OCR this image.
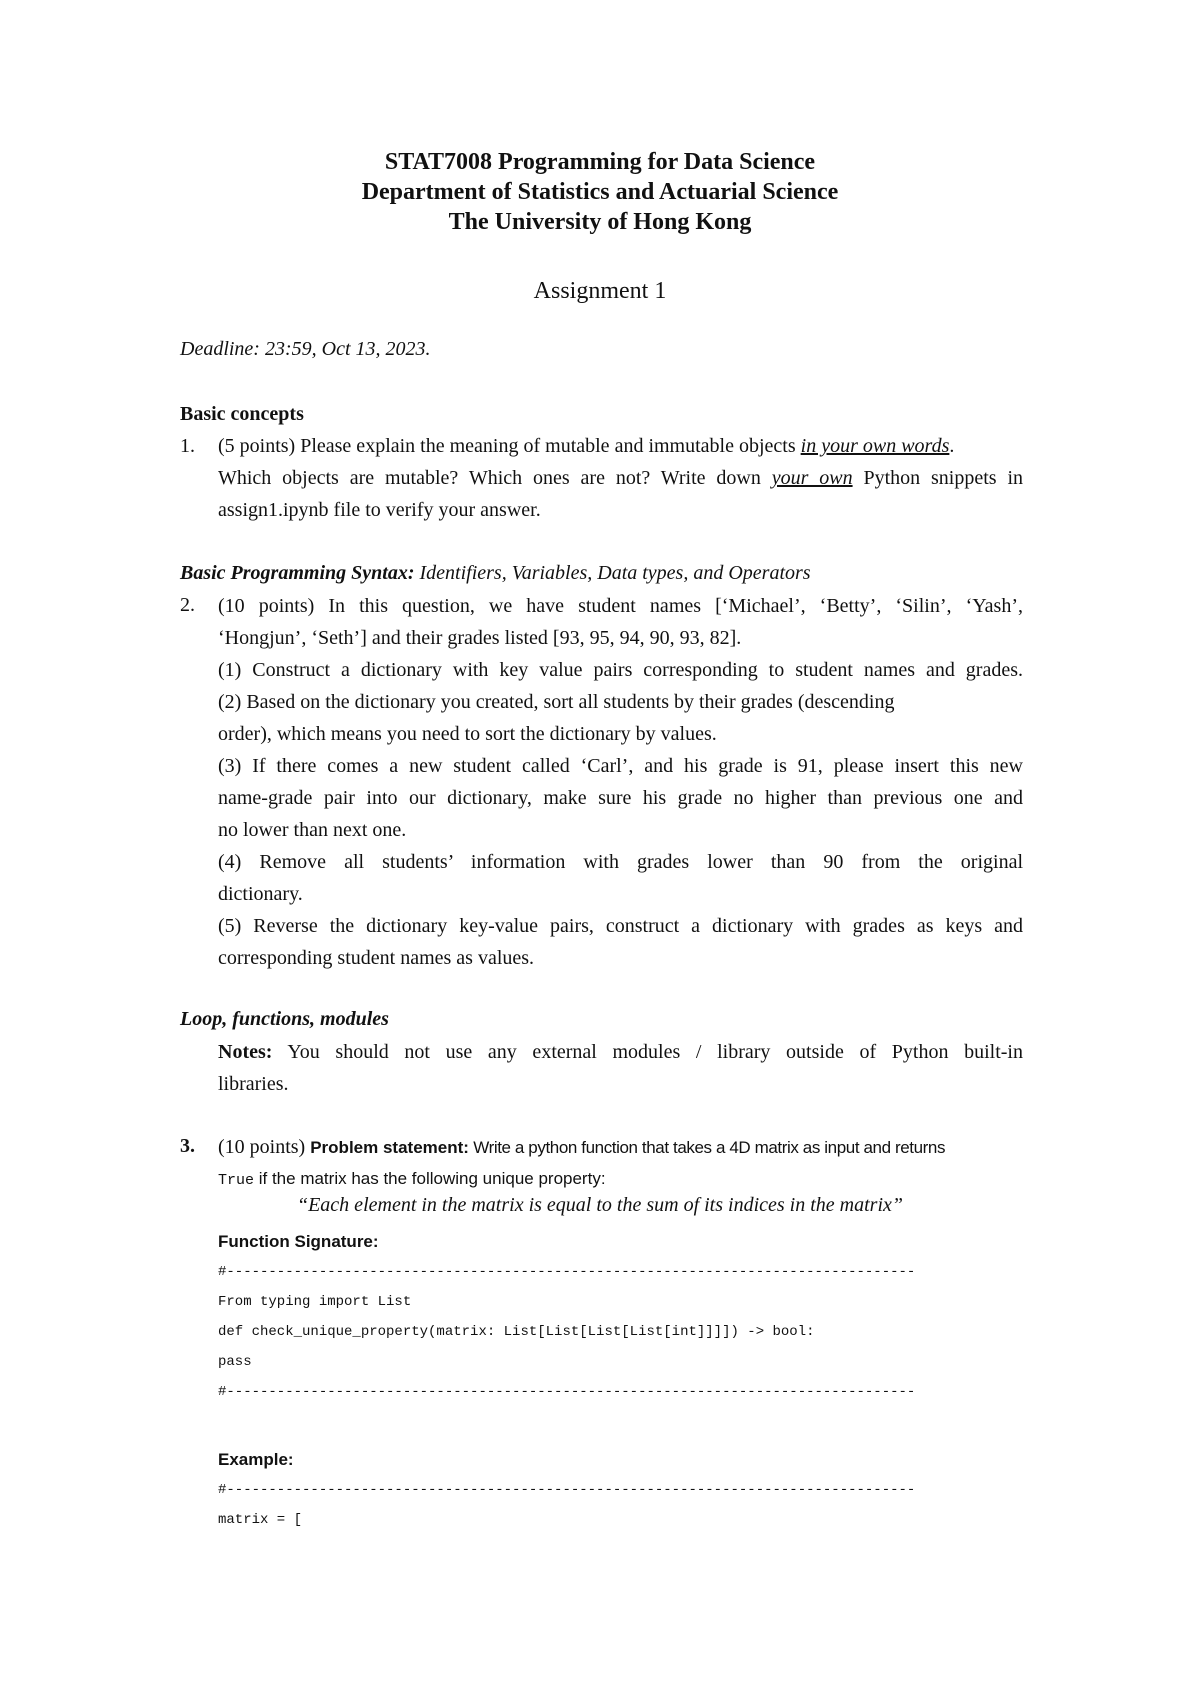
STAT7008 Programming for Data Science
Department of Statistics and Actuarial Science
The University of Hong Kong
Assignment 1
Deadline: 23:59, Oct 13, 2023.
Basic concepts
1. (5 points) Please explain the meaning of mutable and immutable objects in your own words.
Which objects are mutable? Which ones are not? Write down your own Python snippets in
assign1.ipynb file to verify your answer.
Basic Programming Syntax: Identifiers, Variables, Data types, and Operators
2. (10 points) In this question, we have student names [‘Michael’, ‘Betty’, ‘Silin’, ‘Yash’,
‘Hongjun’, ‘Seth’] and their grades listed [93, 95, 94, 90, 93, 82].
(1) Construct a dictionary with key value pairs corresponding to student names and grades.
(2) Based on the dictionary you created, sort all students by their grades (descending
order), which means you need to sort the dictionary by values.
(3) If there comes a new student called ‘Carl’, and his grade is 91, please insert this new
name-grade pair into our dictionary, make sure his grade no higher than previous one and
no lower than next one.
(4) Remove all students’ information with grades lower than 90 from the original
dictionary.
(5) Reverse the dictionary key-value pairs, construct a dictionary with grades as keys and
corresponding student names as values.
Loop, functions, modules
Notes: You should not use any external modules / library outside of Python built-in
libraries.
3. (10 points) Problem statement: Write a python function that takes a 4D matrix as input and returns
True if the matrix has the following unique property:
“Each element in the matrix is equal to the sum of its indices in the matrix”
Function Signature:
#----------------------------------------------------------------------------------
From typing import List
def check_unique_property(matrix: List[List[List[List[int]]]]) -> bool:
pass
#----------------------------------------------------------------------------------
Example:
#----------------------------------------------------------------------------------
matrix = [
